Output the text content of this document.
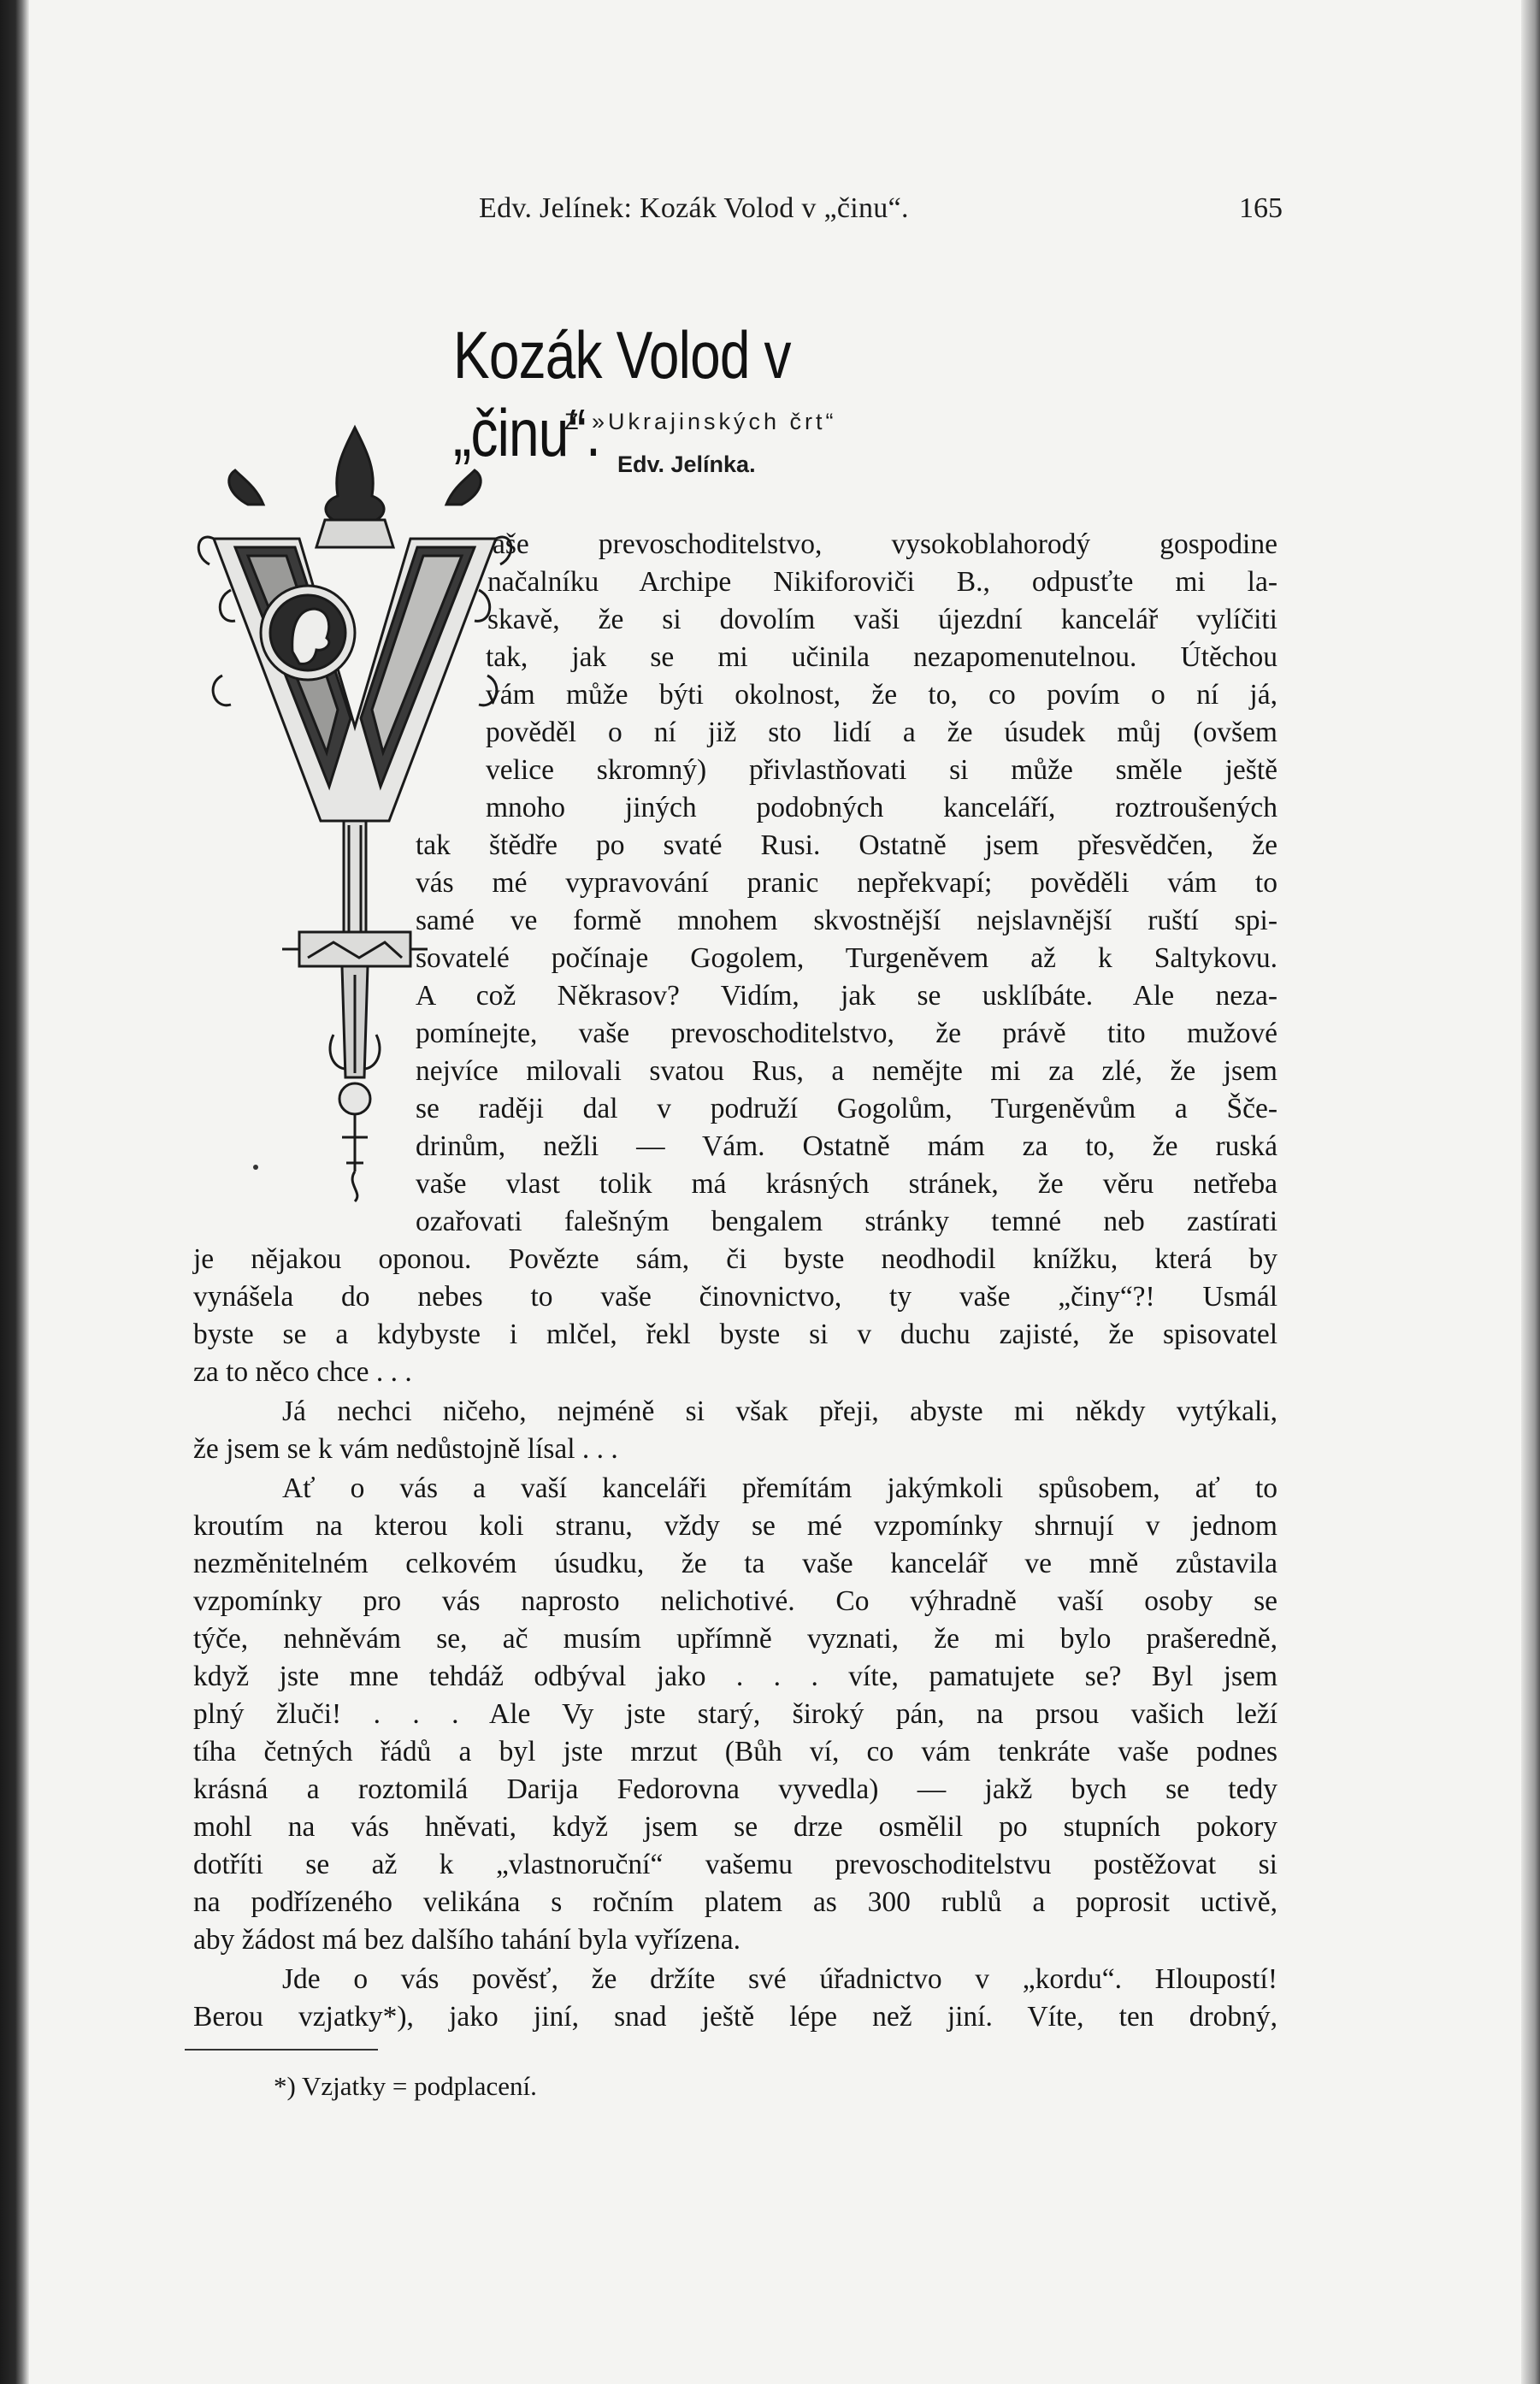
Edv. Jelínek: Kozák Volod v „činu“.	165
Kozák Volod v „činu“.
Z »Ukrajinských črt“
Edv. Jelínka.
aše prevoschoditelstvo, vysokoblahorodý gospodine
načalníku Archipe Nikiforoviči B., odpusťte mi la-
skavě, že si dovolím vaši újezdní kancelář vylíčiti
tak, jak se mi učinila nezapomenutelnou. Útěchou
vám může býti okolnost, že to, co povím o ní já,
pověděl o ní již sto lidí a že úsudek můj (ovšem
velice skromný) přivlastňovati si může směle ještě
mnoho jiných podobných kanceláří, roztroušených
tak štědře po svaté Rusi. Ostatně jsem přesvědčen, že
vás mé vypravování pranic nepřekvapí; pověděli vám to
samé ve formě mnohem skvostnější nejslavnější ruští spi-
sovatelé počínaje Gogolem, Turgeněvem až k Saltykovu.
A což Někrasov? Vidím, jak se usklíbáte. Ale neza-
pomínejte, vaše prevoschoditelstvo, že právě tito mužové
nejvíce milovali svatou Rus, a nemějte mi za zlé, že jsem
se raději dal v podruží Gogolům, Turgeněvům a Ščе-
drinům, nežli — Vám. Ostatně mám za to, že ruská
vaše vlast tolik má krásných stránek, že věru netřeba
ozařovati falešným bengalem stránky temné neb zastírati
je nějakou oponou. Povězte sám, či byste neodhodil knížku, která by
vynášela do nebes to vaše činovnictvo, ty vaše „činy“?! Usmál
byste se a kdybyste i mlčel, řekl byste si v duchu zajisté, že spisovatel
za to něco chce . . .
Já nechci ničeho, nejméně si však přeji, abyste mi někdy vytýkali,
že jsem se k vám nedůstojně lísal . . .
Ať o vás a vaší kanceláři přemítám jakýmkoli spůsobem, ať to
kroutím na kterou koli stranu, vždy se mé vzpomínky shrnují v jednom
nezměnitelném celkovém úsudku, že ta vaše kancelář ve mně zůstavila
vzpomínky pro vás naprosto nelichotivé. Co výhradně vaší osoby se
týče, nehněvám se, ač musím upřímně vyznati, že mi bylo prašeredně,
když jste mne tehdáž odbýval jako . . . víte, pamatujete se? Byl jsem
plný žluči! . . . Ale Vy jste starý, široký pán, na prsou vašich leží
tíha četných řádů a byl jste mrzut (Bůh ví, co vám tenkráte vaše podnes
krásná a roztomilá Darija Fedorovna vyvedla) — jakž bych se tedy
mohl na vás hněvati, když jsem se drze osmělil po stupních pokory
dotříti se až k „vlastnoruční“ vašemu prevoschoditelstvu postěžovat si
na podřízeného velikána s ročním platem as 300 rublů a poprosit uctivě,
aby žádost má bez dalšího tahání byla vyřízena.
Jde o vás pověsť, že držíte své úřadnictvo v „kordu“. Hloupostí!
Berou vzjatky*), jako jiní, snad ještě lépe než jiní. Víte, ten drobný,
*) Vzjatky = podplacení.
